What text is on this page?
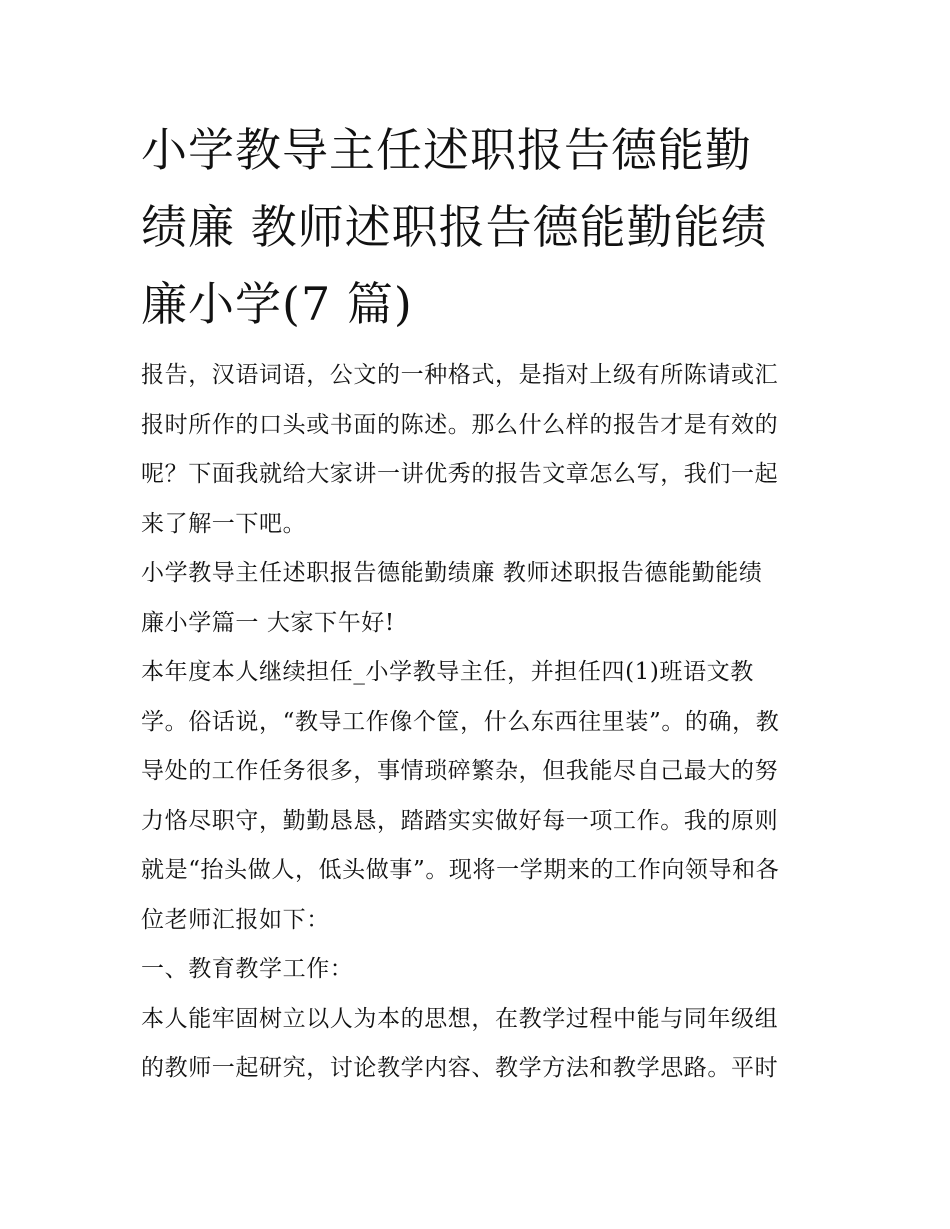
小学教导主任述职报告德能勤
绩廉 教师述职报告德能勤能绩
廉小学(7 篇)
报告，汉语词语，公文的一种格式，是指对上级有所陈请或汇
报时所作的口头或书面的陈述。那么什么样的报告才是有效的
呢？下面我就给大家讲一讲优秀的报告文章怎么写，我们一起
来了解一下吧。
小学教导主任述职报告德能勤绩廉 教师述职报告德能勤能绩
廉小学篇一 大家下午好!
本年度本人继续担任_小学教导主任，并担任四(1)班语文教
学。俗话说，“教导工作像个筐，什么东西往里装”。的确，教
导处的工作任务很多，事情琐碎繁杂，但我能尽自己最大的努
力恪尽职守，勤勤恳恳，踏踏实实做好每一项工作。我的原则
就是“抬头做人，低头做事”。现将一学期来的工作向领导和各
位老师汇报如下：
一、教育教学工作：
本人能牢固树立以人为本的思想，在教学过程中能与同年级组
的教师一起研究，讨论教学内容、教学方法和教学思路。平时
